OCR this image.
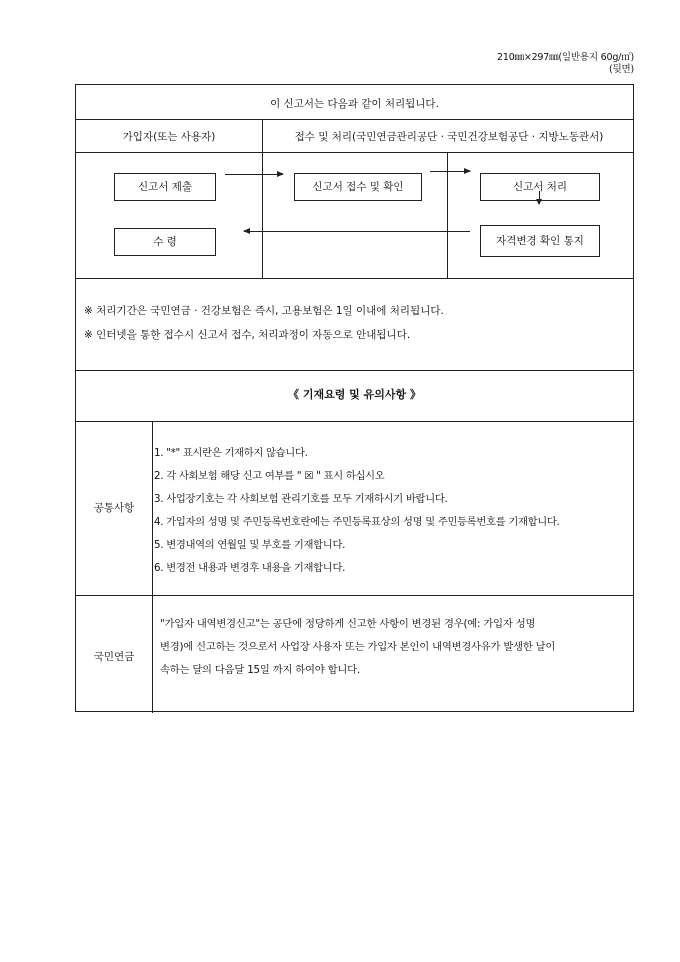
210㎜×297㎜(일반용지 60g/㎡)
(뒷면)
이 신고서는 다음과 같이 처리됩니다.
가입자(또는 사용자)	접수 및 처리(국민연금관리공단 · 국민건강보험공단 · 지방노동관서)
신고서 제출	신고서 접수 및 확인	신고서 처리
자격변경 확인 통지
수 령
※ 처리기간은 국민연금 · 건강보험은 즉시, 고용보험은 1일 이내에 처리됩니다.
※ 인터넷을 통한 접수시 신고서 접수, 처리과정이 자동으로 안내됩니다.
《 기재요령 및 유의사항 》
공통사항
1. "*" 표시란은 기재하지 않습니다.
2. 각 사회보험 해당 신고 여부를 " ☒ " 표시 하십시오
3. 사업장기호는 각 사회보험 관리기호를 모두 기재하시기 바랍니다.
4. 가입자의 성명 및 주민등록번호란에는 주민등록표상의 성명 및 주민등록번호를 기재합니다.
5. 변경내역의 연월일 및 부호를 기재합니다.
6. 변경전 내용과 변경후 내용을 기재합니다.
국민연금
"가입자 내역변경신고"는 공단에 정당하게 신고한 사항이 변경된 경우(예: 가입자 성명
변경)에 신고하는 것으로서 사업장 사용자 또는 가입자 본인이 내역변경사유가 발생한 날이
속하는 달의 다음달 15일 까지 하여야 합니다.
